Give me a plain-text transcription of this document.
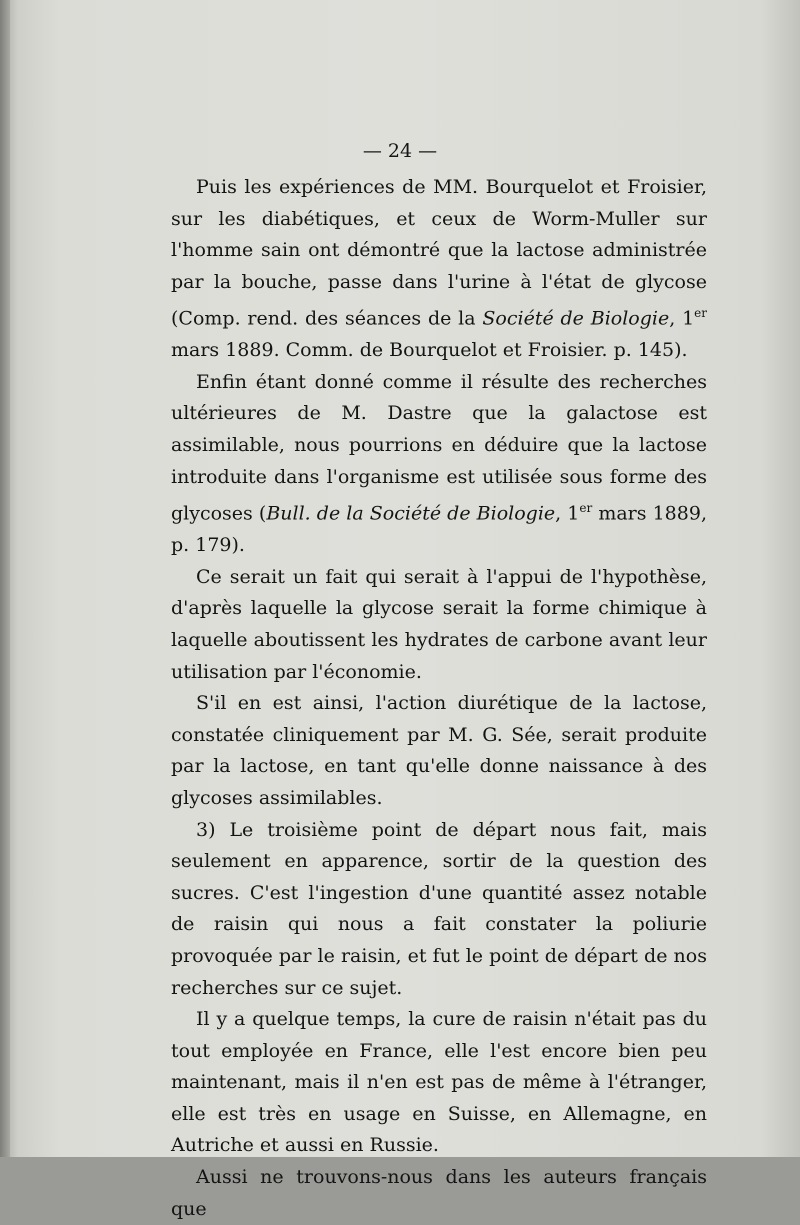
— 24 —

Puis les expériences de MM. Bourquelot et Froisier, sur les diabétiques, et ceux de Worm-Muller sur l'homme sain ont démontré que la lactose administrée par la bouche, passe dans l'urine à l'état de glycose (Comp. rend. des séances de la Société de Biologie, 1er mars 1889. Comm. de Bourquelot et Froisier. p. 145).

Enfin étant donné comme il résulte des recherches ultérieures de M. Dastre que la galactose est assimilable, nous pourrions en déduire que la lactose introduite dans l'organisme est utilisée sous forme des glycoses (Bull. de la Société de Biologie, 1er mars 1889, p. 179).

Ce serait un fait qui serait à l'appui de l'hypothèse, d'après laquelle la glycose serait la forme chimique à laquelle aboutissent les hydrates de carbone avant leur utilisation par l'économie.

S'il en est ainsi, l'action diurétique de la lactose, constatée cliniquement par M. G. Sée, serait produite par la lactose, en tant qu'elle donne naissance à des glycoses assimilables.

3) Le troisième point de départ nous fait, mais seulement en apparence, sortir de la question des sucres. C'est l'ingestion d'une quantité assez notable de raisin qui nous a fait constater la poliurie provoquée par le raisin, et fut le point de départ de nos recherches sur ce sujet.

Il y a quelque temps, la cure de raisin n'était pas du tout employée en France, elle l'est encore bien peu maintenant, mais il n'en est pas de même à l'étranger, elle est très en usage en Suisse, en Allemagne, en Autriche et aussi en Russie.

Aussi ne trouvons-nous dans les auteurs français que
